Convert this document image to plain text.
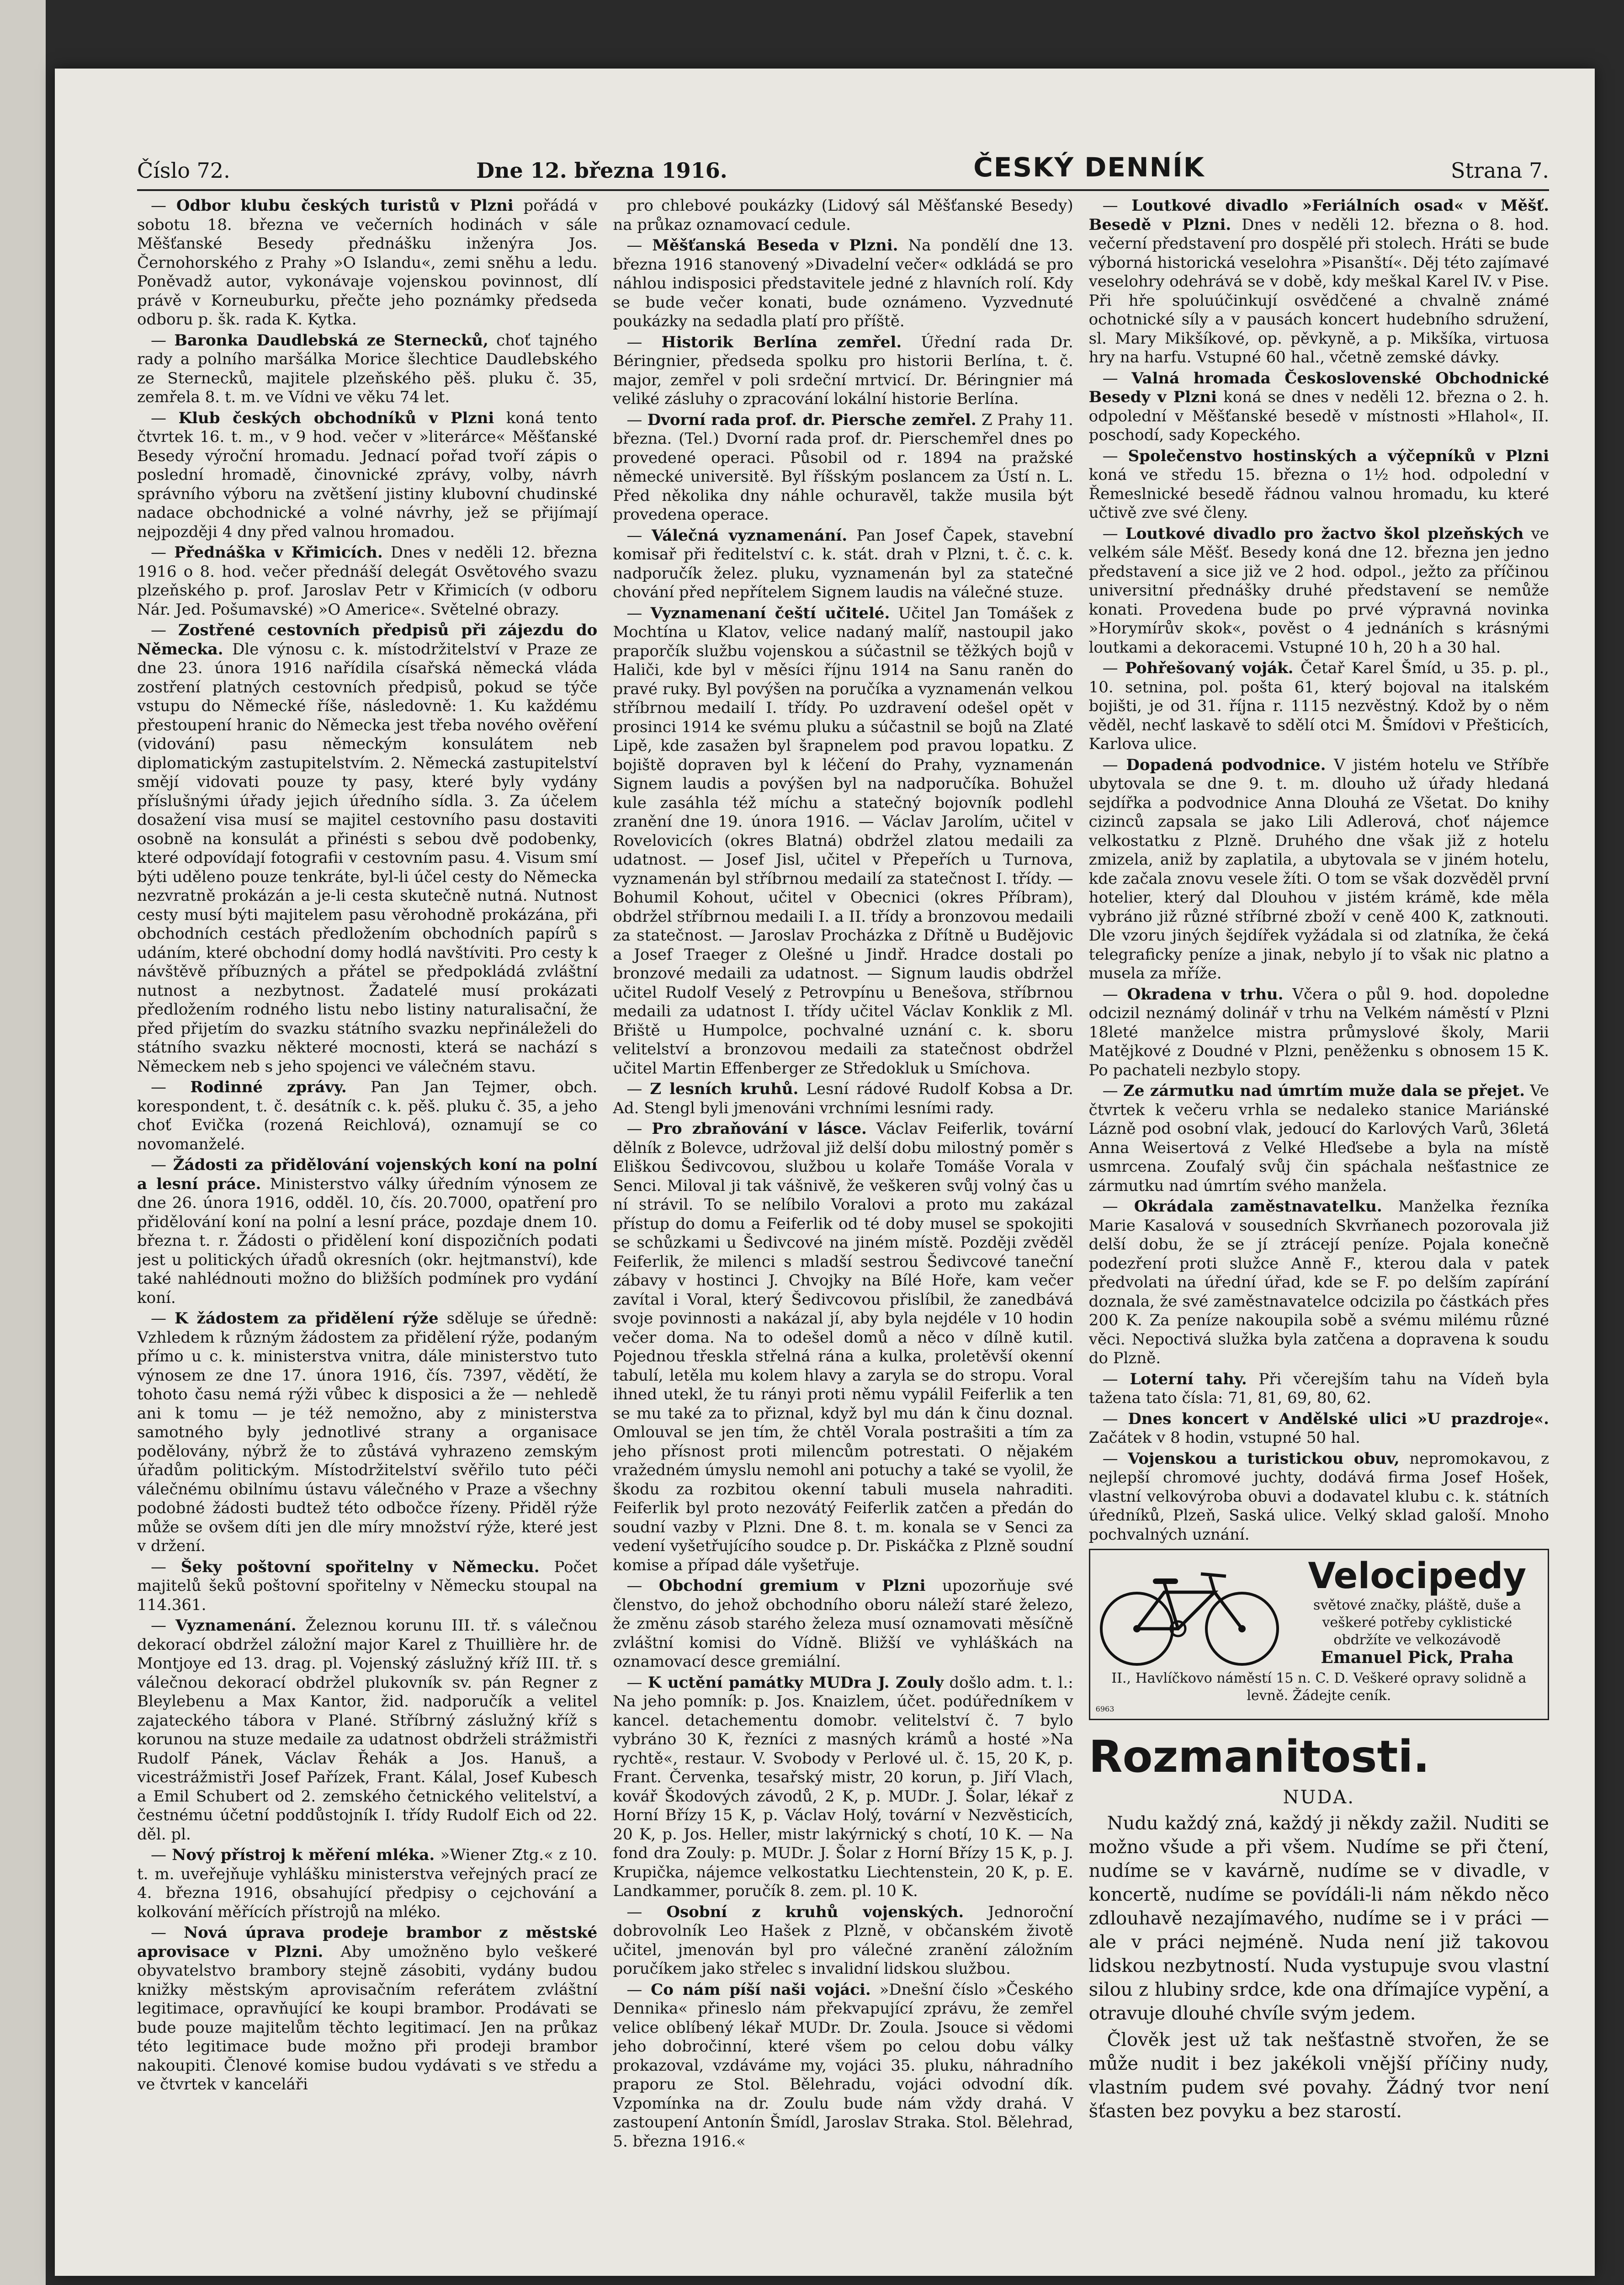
Číslo 72.	Dne 12. března 1916.	ČESKÝ DENNÍK	Strana 7.

— Odbor klubu českých turistů v Plzni pořádá v sobotu 18. března ve večerních hodinách v sále Měšťanské Besedy přednášku inženýra Jos. Černohorského z Prahy »O Islandu«, zemi sněhu a ledu. Poněvadž autor, vykonávaje vojenskou povinnost, dlí právě v Korneuburku, přečte jeho poznámky předseda odboru p. šk. rada K. Kytka.

— Baronka Daudlebská ze Sternecků, choť tajného rady a polního maršálka Morice šlechtice Daudlebského ze Sternecků, majitele plzeňského pěš. pluku č. 35, zemřela 8. t. m. ve Vídni ve věku 74 let.

— Klub českých obchodníků v Plzni koná tento čtvrtek 16. t. m., v 9 hod. večer v »literárce« Měšťanské Besedy výroční hromadu. Jednací pořad tvoří zápis o poslední hromadě, činovnické zprávy, volby, návrh správního výboru na zvětšení jistiny klubovní chudinské nadace obchodnické a volné návrhy, jež se přijímají nejpozději 4 dny před valnou hromadou.

— Přednáška v Křimicích. Dnes v neděli 12. března 1916 o 8. hod. večer přednáší delegát Osvětového svazu plzeňského p. prof. Jaroslav Petr v Křimicích (v odboru Nár. Jed. Pošumavské) »O Americe«. Světelné obrazy.

— Zostřené cestovních předpisů při zájezdu do Německa. Dle výnosu c. k. místodržitelství v Praze ze dne 23. února 1916 nařídila císařská německá vláda zostření platných cestovních předpisů, pokud se týče vstupu do Německé říše, následovně: 1. Ku každému přestoupení hranic do Německa jest třeba nového ověření (vidování) pasu německým konsulátem neb diplomatickým zastupitelstvím. 2. Německá zastupitelství smějí vidovati pouze ty pasy, které byly vydány příslušnými úřady jejich úředního sídla. 3. Za účelem dosažení visa musí se majitel cestovního pasu dostaviti osobně na konsulát a přinésti s sebou dvě podobenky, které odpovídají fotografii v cestovním pasu. 4. Visum smí býti uděleno pouze tenkráte, byl-li účel cesty do Německa nezvratně prokázán a je-li cesta skutečně nutná. Nutnost cesty musí býti majitelem pasu věrohodně prokázána, při obchodních cestách předložením obchodních papírů s udáním, které obchodní domy hodlá navštíviti. Pro cesty k návštěvě příbuzných a přátel se předpokládá zvláštní nutnost a nezbytnost. Žadatelé musí prokázati předložením rodného listu nebo listiny naturalisační, že před přijetím do svazku státního svazku nepřináleželi do státního svazku některé mocnosti, která se nachází s Německem neb s jeho spojenci ve válečném stavu.

— Rodinné zprávy. Pan Jan Tejmer, obch. korespondent, t. č. desátník c. k. pěš. pluku č. 35, a jeho choť Evička (rozená Reichlová), oznamují se co novomanželé.

— Žádosti za přidělování vojenských koní na polní a lesní práce. Ministerstvo války úředním výnosem ze dne 26. února 1916, odděl. 10, čís. 20.7000, opatření pro přidělování koní na polní a lesní práce, pozdaje dnem 10. března t. r. Žádosti o přidělení koní dispozičních podati jest u politických úřadů okresních (okr. hejtmanství), kde také nahlédnouti možno do bližších podmínek pro vydání koní.

— K žádostem za přidělení rýže sděluje se úředně: Vzhledem k různým žádostem za přidělení rýže, podaným přímo u c. k. ministerstva vnitra, dále ministerstvo tuto výnosem ze dne 17. února 1916, čís. 7397, vědětí, že tohoto času nemá rýži vůbec k disposici a že — nehledě ani k tomu — je též nemožno, aby z ministerstva samotného byly jednotlivé strany a organisace podělovány, nýbrž že to zůstává vyhrazeno zemským úřadům politickým. Místodržitelství svěřilo tuto péči válečnému obilnímu ústavu válečného v Praze a všechny podobné žádosti budtež této odbočce řízeny. Přiděl rýže může se ovšem díti jen dle míry množství rýže, které jest v držení.

— Šeky poštovní spořitelny v Německu. Počet majitelů šeků poštovní spořitelny v Německu stoupal na 114.361.

— Vyznamenání. Železnou korunu III. tř. s válečnou dekorací obdržel záložní major Karel z Thuillière hr. de Montjoye ed 13. drag. pl. Vojenský záslužný kříž III. tř. s válečnou dekorací obdržel plukovník sv. pán Regner z Bleylebenu a Max Kantor, žid. nadporučík a velitel zajateckého tábora v Plané. Stříbrný záslužný kříž s korunou na stuze medaile za udatnost obdrželi strážmistři Rudolf Pánek, Václav Řehák a Jos. Hanuš, a vicestrážmistři Josef Pařízek, Frant. Kálal, Josef Kubesch a Emil Schubert od 2. zemského četnického velitelství, a čestnému účetní poddůstojník I. třídy Rudolf Eich od 22. děl. pl.

— Nový přístroj k měření mléka. »Wiener Ztg.« z 10. t. m. uveřejňuje vyhlášku ministerstva veřejných prací ze 4. března 1916, obsahující předpisy o cejchování a kolkování měřících přístrojů na mléko.

— Nová úprava prodeje brambor z městské aprovisace v Plzni. Aby umožněno bylo veškeré obyvatelstvo brambory stejně zásobiti, vydány budou knižky městským aprovisačním referátem zvláštní legitimace, opravňující ke koupi brambor. Prodávati se bude pouze majitelům těchto legitimací. Jen na průkaz této legitimace bude možno při prodeji brambor nakoupiti. Členové komise budou vydávati s ve středu a ve čtvrtek v kanceláři

pro chlebové poukázky (Lidový sál Měšťanské Besedy) na průkaz oznamovací cedule.

— Měšťanská Beseda v Plzni. Na pondělí dne 13. března 1916 stanovený »Divadelní večer« odkládá se pro náhlou indisposici představitele jedné z hlavních rolí. Kdy se bude večer konati, bude oznámeno. Vyzvednuté poukázky na sedadla platí pro příště.

— Historik Berlína zemřel. Úřední rada Dr. Béringnier, předseda spolku pro historii Berlína, t. č. major, zemřel v poli srdeční mrtvicí. Dr. Béringnier má veliké zásluhy o zpracování lokální historie Berlína.

— Dvorní rada prof. dr. Piersche zemřel. Z Prahy 11. března. (Tel.) Dvorní rada prof. dr. Pierschemřel dnes po provedené operaci. Působil od r. 1894 na pražské německé universitě. Byl říšským poslancem za Ústí n. L. Před několika dny náhle ochuravěl, takže musila být provedena operace.

— Válečná vyznamenání. Pan Josef Čapek, stavební komisař při ředitelství c. k. stát. drah v Plzni, t. č. c. k. nadporučík želez. pluku, vyznamenán byl za statečné chování před nepřítelem Signem laudis na válečné stuze.

— Vyznamenaní čeští učitelé. Učitel Jan Tomášek z Mochtína u Klatov, velice nadaný malíř, nastoupil jako praporčík službu vojenskou a súčastnil se těžkých bojů v Haliči, kde byl v měsíci říjnu 1914 na Sanu raněn do pravé ruky. Byl povýšen na poručíka a vyznamenán velkou stříbrnou medailí I. třídy. Po uzdravení odešel opět v prosinci 1914 ke svému pluku a súčastnil se bojů na Zlaté Lipě, kde zasažen byl šrapnelem pod pravou lopatku. Z bojiště dopraven byl k léčení do Prahy, vyznamenán Signem laudis a povýšen byl na nadporučíka. Bohužel kule zasáhla též míchu a statečný bojovník podlehl zranění dne 19. února 1916. — Václav Jarolím, učitel v Rovelovicích (okres Blatná) obdržel zlatou medaili za udatnost. — Josef Jisl, učitel v Přepeřích u Turnova, vyznamenán byl stříbrnou medailí za statečnost I. třídy. — Bohumil Kohout, učitel v Obecnici (okres Příbram), obdržel stříbrnou medaili I. a II. třídy a bronzovou medaili za statečnost. — Jaroslav Procházka z Dřítně u Budějovic a Josef Traeger z Olešné u Jindř. Hradce dostali po bronzové medaili za udatnost. — Signum laudis obdržel učitel Rudolf Veselý z Petrovpínu u Benešova, stříbrnou medaili za udatnost I. třídy učitel Václav Konklik z Ml. Břiště u Humpolce, pochvalné uznání c. k. sboru velitelství a bronzovou medaili za statečnost obdržel učitel Martin Effenberger ze Středokluk u Smíchova.

— Z lesních kruhů. Lesní rádové Rudolf Kobsa a Dr. Ad. Stengl byli jmenováni vrchními lesními rady.

— Pro zbraňování v lásce. Václav Feiferlik, tovární dělník z Bolevce, udržoval již delší dobu milostný poměr s Eliškou Šedivcovou, službou u kolaře Tomáše Vorala v Senci. Miloval ji tak vášnivě, že veškeren svůj volný čas u ní strávil. To se nelíbilo Voralovi a proto mu zakázal přístup do domu a Feiferlik od té doby musel se spokojiti se schůzkami u Šedivcové na jiném místě. Později zvěděl Feiferlik, že milenci s mladší sestrou Šedivcové taneční zábavy v hostinci J. Chvojky na Bílé Hoře, kam večer zavítal i Voral, který Šedivcovou přislíbil, že zanedbává svoje povinnosti a nakázal jí, aby byla nejdéle v 10 hodin večer doma. Na to odešel domů a něco v dílně kutil. Pojednou třeskla střelná rána a kulka, proletěvší okenní tabulí, letěla mu kolem hlavy a zaryla se do stropu. Voral ihned utekl, že tu rányi proti němu vypálil Feiferlik a ten se mu také za to přiznal, když byl mu dán k činu doznal. Omlouval se jen tím, že chtěl Vorala postrašiti a tím za jeho přísnost proti milencům potrestati. O nějakém vražedném úmyslu nemohl ani potuchy a také se vyolil, že škodu za rozbitou okenní tabuli musela nahraditi. Feiferlik byl proto nezovátý Feiferlik zatčen a předán do soudní vazby v Plzni. Dne 8. t. m. konala se v Senci za vedení vyšetřujícího soudce p. Dr. Piskáčka z Plzně soudní komise a případ dále vyšetřuje.

— Obchodní gremium v Plzni upozorňuje své členstvo, do jehož obchodního oboru náleží staré železo, že změnu zásob starého železa musí oznamovati měsíčně zvláštní komisi do Vídně. Bližší ve vyhláškách na oznamovací desce gremiální.

— K uctění památky MUDra J. Zouly došlo adm. t. l.: Na jeho pomník: p. Jos. Knaizlem, účet. podúředníkem v kancel. detachementu domobr. velitelství č. 7 bylo vybráno 30 K, řezníci z masných krámů a hosté »Na rychtě«, restaur. V. Svobody v Perlové ul. č. 15, 20 K, p. Frant. Červenka, tesařský mistr, 20 korun, p. Jiří Vlach, kovář Škodových závodů, 2 K, p. MUDr. J. Šolar, lékař z Horní Břízy 15 K, p. Václav Holý, tovární v Nezvěsticích, 20 K, p. Jos. Heller, mistr lakýrnický s chotí, 10 K. — Na fond dra Zouly: p. MUDr. J. Šolar z Horní Břízy 15 K, p. J. Krupička, nájemce velkostatku Liechtenstein, 20 K, p. E. Landkammer, poručík 8. zem. pl. 10 K.

— Osobní z kruhů vojenských. Jednoroční dobrovolník Leo Hašek z Plzně, v občanském životě učitel, jmenován byl pro válečné zranění záložním poručíkem jako střelec s invalidní lidskou službou.

— Co nám píší naši vojáci. »Dnešní číslo »Českého Dennika« přineslo nám překvapující zprávu, že zemřel velice oblíbený lékař MUDr. Dr. Zoula. Jsouce si vědomi jeho dobročinní, které všem po celou dobu války prokazoval, vzdáváme my, vojáci 35. pluku, náhradního praporu ze Stol. Bělehradu, vojáci odvodní dík. Vzpomínka na dr. Zoulu bude nám vždy drahá. V zastoupení Antonín Šmídl, Jaroslav Straka. Stol. Bělehrad, 5. března 1916.«

— Loutkové divadlo »Feriálních osad« v Měšť. Besedě v Plzni. Dnes v neděli 12. března o 8. hod. večerní představení pro dospělé při stolech. Hráti se bude výborná historická veselohra »Pisanští«. Děj této zajímavé veselohry odehrává se v době, kdy meškal Karel IV. v Pise. Při hře spoluúčinkují osvědčené a chvalně známé ochotnické síly a v pausách koncert hudebního sdružení, sl. Mary Mikšíkové, op. pěvkyně, a p. Mikšíka, virtuosa hry na harfu. Vstupné 60 hal., včetně zemské dávky.

— Valná hromada Československé Obchodnické Besedy v Plzni koná se dnes v neděli 12. března o 2. h. odpolední v Měšťanské besedě v místnosti »Hlahol«, II. poschodí, sady Kopeckého.

— Společenstvo hostinských a výčepníků v Plzni koná ve středu 15. března o 1½ hod. odpolední v Řemeslnické besedě řádnou valnou hromadu, ku které učtivě zve své členy.

— Loutkové divadlo pro žactvo škol plzeňských ve velkém sále Měšť. Besedy koná dne 12. března jen jedno představení a sice již ve 2 hod. odpol., ježto za příčinou universitní přednášky druhé představení se nemůže konati. Provedena bude po prvé výpravná novinka »Horymírův skok«, pověst o 4 jednáních s krásnými loutkami a dekoracemi. Vstupné 10 h, 20 h a 30 hal.

— Pohřešovaný voják. Četař Karel Šmíd, u 35. p. pl., 10. setnina, pol. pošta 61, který bojoval na italském bojišti, je od 31. října r. 1115 nezvěstný. Kdož by o něm věděl, nechť laskavě to sdělí otci M. Šmídovi v Přešticích, Karlova ulice.

— Dopadená podvodnice. V jistém hotelu ve Stříbře ubytovala se dne 9. t. m. dlouho už úřady hledaná sejdířka a podvodnice Anna Dlouhá ze Všetat. Do knihy cizinců zapsala se jako Lili Adlerová, choť nájemce velkostatku z Plzně. Druhého dne však již z hotelu zmizela, aniž by zaplatila, a ubytovala se v jiném hotelu, kde začala znovu vesele žíti. O tom se však dozvěděl první hotelier, který dal Dlouhou v jistém krámě, kde měla vybráno již různé stříbrné zboží v ceně 400 K, zatknouti. Dle vzoru jiných šejdířek vyžádala si od zlatníka, že čeká telegraficky peníze a jinak, nebylo jí to však nic platno a musela za mříže.

— Okradena v trhu. Včera o půl 9. hod. dopoledne odcizil neznámý dolinář v trhu na Velkém náměstí v Plzni 18leté manželce mistra průmyslové školy, Marii Matějkové z Doudné v Plzni, peněženku s obnosem 15 K. Po pachateli nezbylo stopy.

— Ze zármutku nad úmrtím muže dala se přejet. Ve čtvrtek k večeru vrhla se nedaleko stanice Mariánské Lázně pod osobní vlak, jedoucí do Karlových Varů, 36letá Anna Weisertová z Velké Hleďsebe a byla na místě usmrcena. Zoufalý svůj čin spáchala nešťastnice ze zármutku nad úmrtím svého manžela.

— Okrádala zaměstnavatelku. Manželka řezníka Marie Kasalová v sousedních Skvrňanech pozorovala již delší dobu, že se jí ztrácejí peníze. Pojala konečně podezření proti služce Anně F., kterou dala v patek předvolati na úřední úřad, kde se F. po delším zapírání doznala, že své zaměstnavatelce odcizila po částkách přes 200 K. Za peníze nakoupila sobě a svému milému různé věci. Nepoctivá služka byla zatčena a dopravena k soudu do Plzně.

— Loterní tahy. Při včerejším tahu na Vídeň byla tažena tato čísla: 71, 81, 69, 80, 62.

— Dnes koncert v Andělské ulici »U prazdroje«. Začátek v 8 hodin, vstupné 50 hal.

— Vojenskou a turistickou obuv, nepromokavou, z nejlepší chromové juchty, dodává firma Josef Hošek, vlastní velkovýroba obuvi a dodavatel klubu c. k. státních úředníků, Plzeň, Saská ulice. Velký sklad galoší. Mnoho pochvalných uznání.

Velocipedy
světové značky, pláště, duše a veškeré potřeby cyklistické obdržíte ve velkozávodě
Emanuel Pick, Praha
II., Havlíčkovo náměstí 15 n. C. D. Veškeré opravy solidně a levně. Žádejte ceník.
6963
Rozmanitosti.
NUDA.

Nudu každý zná, každý ji někdy zažil. Nuditi se možno všude a při všem. Nudíme se při čtení, nudíme se v kavárně, nudíme se v divadle, v koncertě, nudíme se povídáli-li nám někdo něco zdlouhavě nezajímavého, nudíme se i v práci — ale v práci nejméně. Nuda není již takovou lidskou nezbytností. Nuda vystupuje svou vlastní silou z hlubiny srdce, kde ona dřímajíce vypění, a otravuje dlouhé chvíle svým jedem.

Člověk jest už tak nešťastně stvořen, že se může nudit i bez jakékoli vnější příčiny nudy, vlastním pudem své povahy. Žádný tvor není šťasten bez povyku a bez starostí.
